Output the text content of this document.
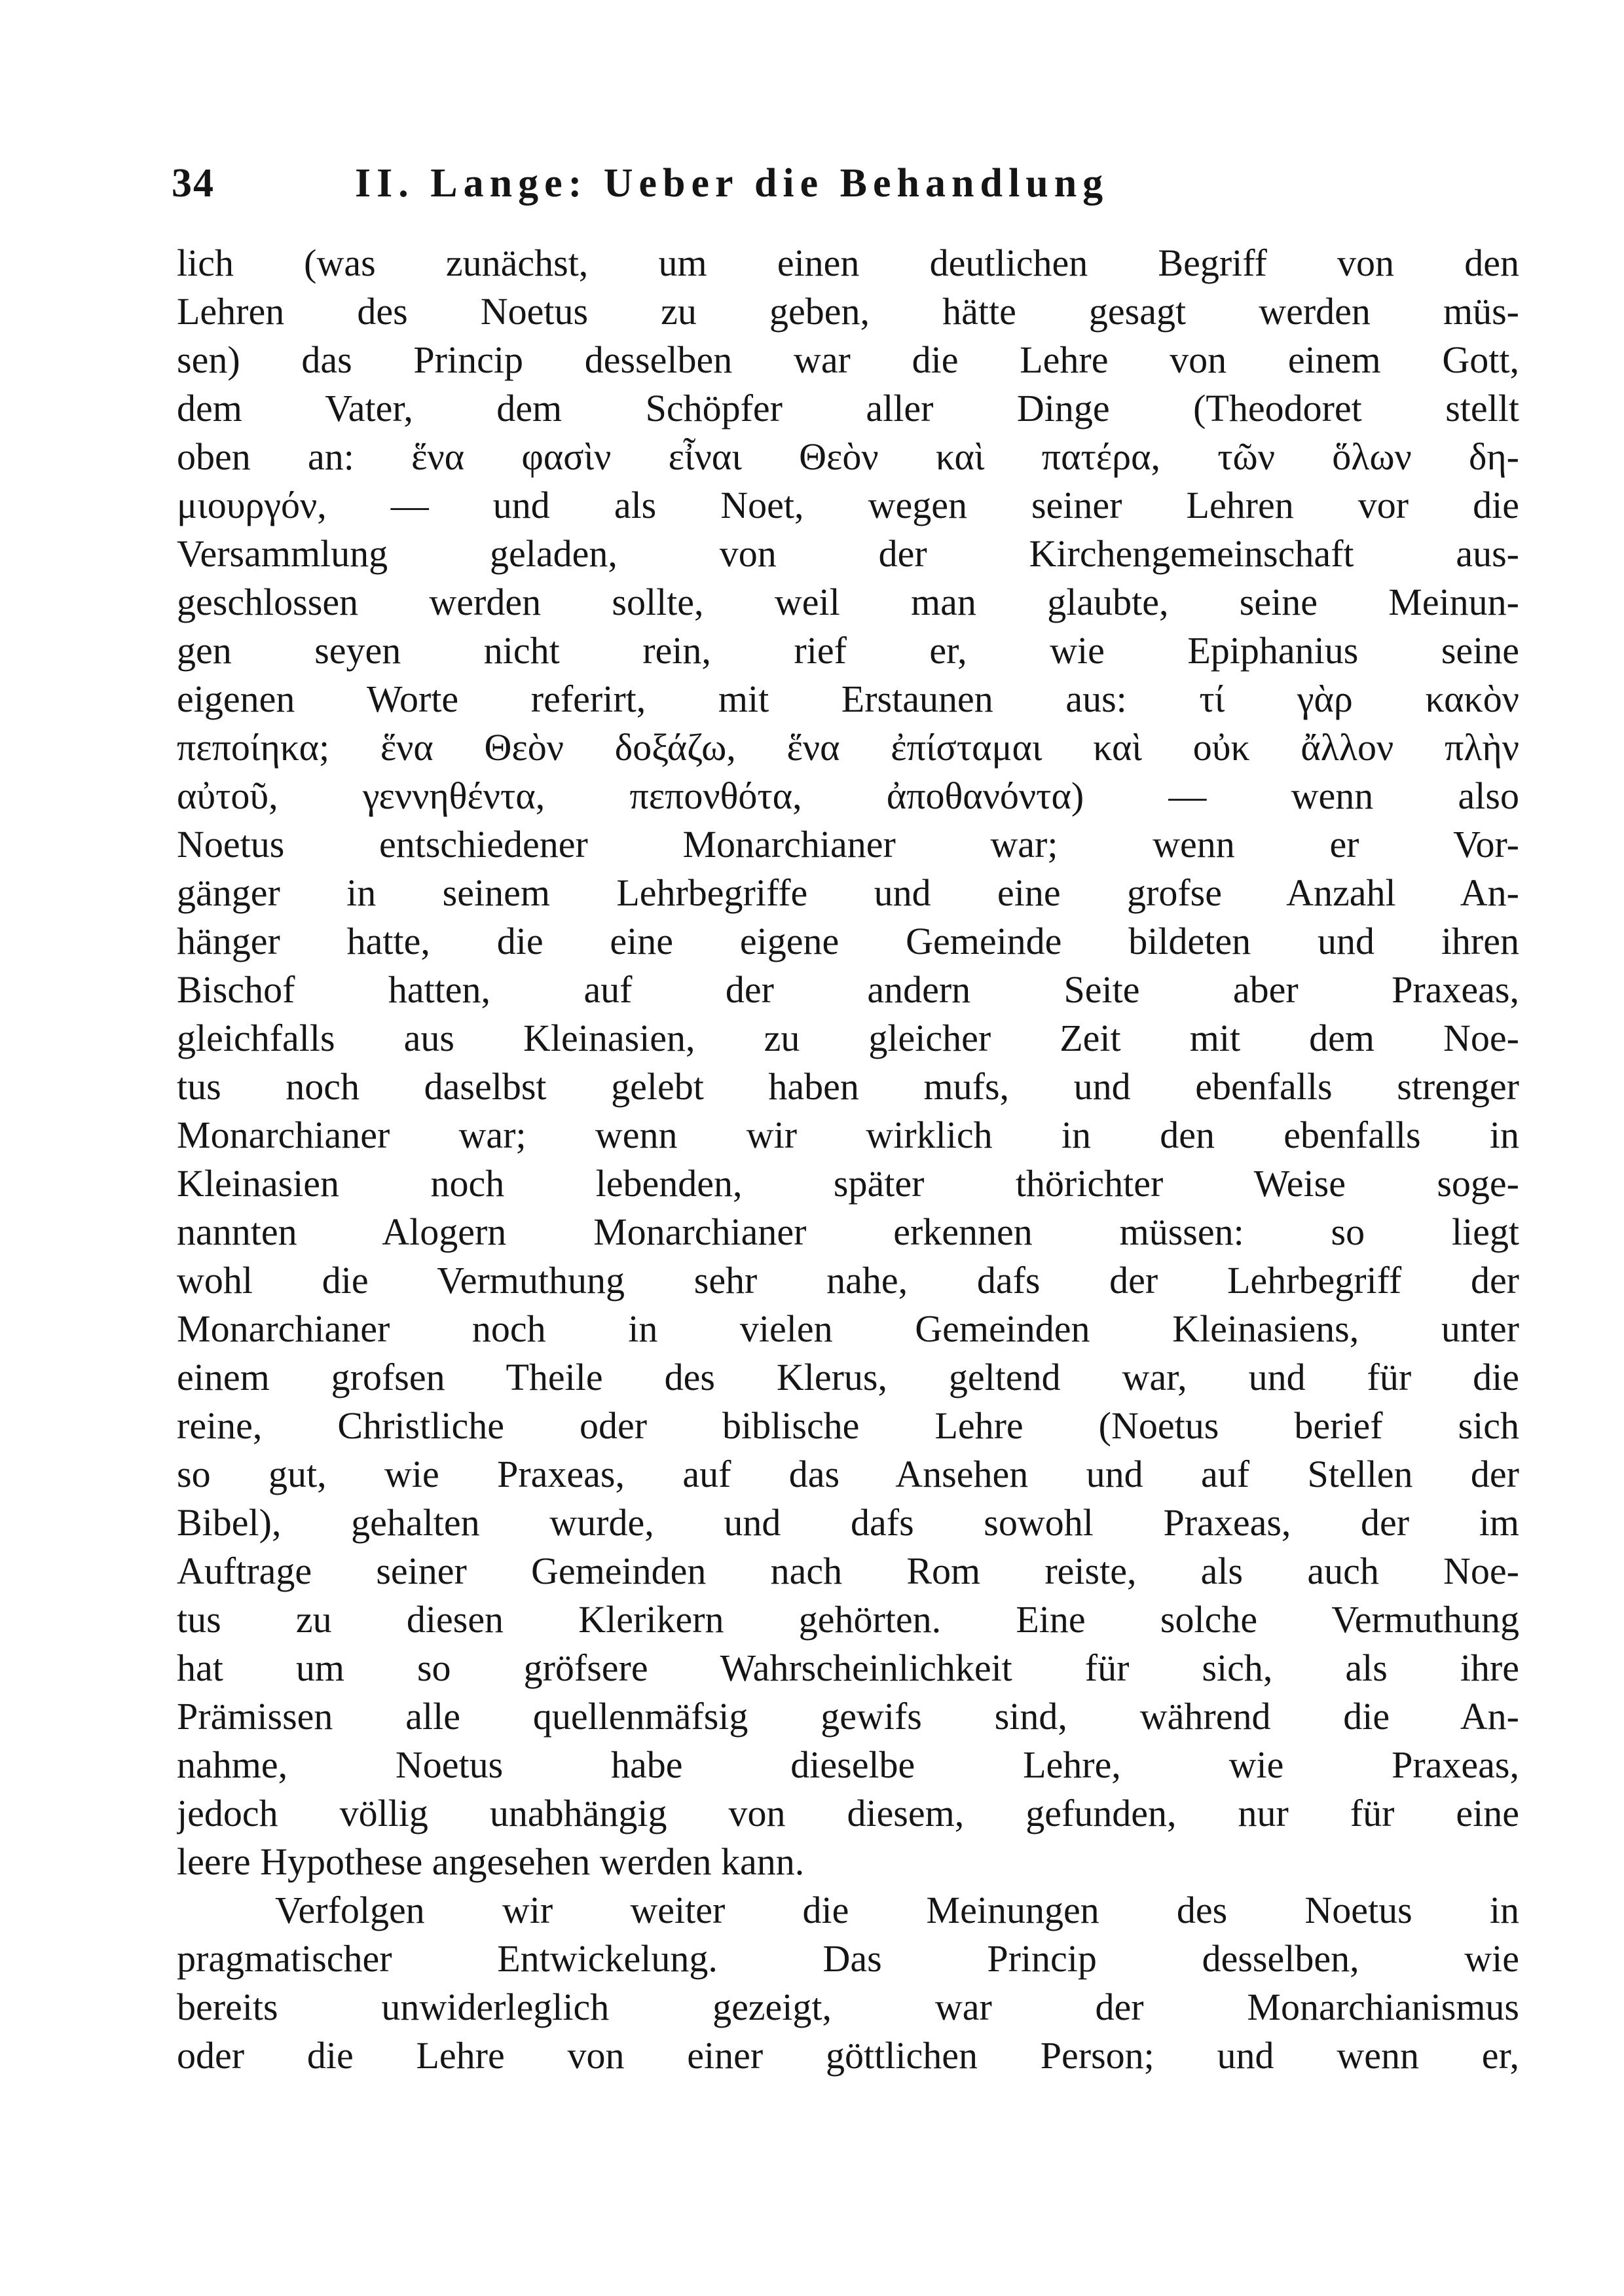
34	II. Lange: Ueber die Behandlung
lich (was zunächst, um einen deutlichen Begriff von den
Lehren des Noetus zu geben, hätte gesagt werden müs-
sen) das Princip desselben war die Lehre von einem Gott,
dem Vater, dem Schöpfer aller Dinge (Theodoret stellt
oben an: ἕνα φασὶν εἶναι Θεὸν καὶ πατέρα, τῶν ὅλων δη-
μιουργόν, — und als Noet, wegen seiner Lehren vor die
Versammlung geladen, von der Kirchengemeinschaft aus-
geschlossen werden sollte, weil man glaubte, seine Meinun-
gen seyen nicht rein, rief er, wie Epiphanius seine
eigenen Worte referirt, mit Erstaunen aus: τί γὰρ κακὸν
πεποίηκα; ἕνα Θεὸν δοξάζω, ἕνα ἐπίσταμαι καὶ οὐκ ἄλλον πλὴν
αὐτοῦ, γεννηθέντα, πεπονθότα, ἀποθανόντα) — wenn also
Noetus entschiedener Monarchianer war; wenn er Vor-
gänger in seinem Lehrbegriffe und eine grofse Anzahl An-
hänger hatte, die eine eigene Gemeinde bildeten und ihren
Bischof hatten, auf der andern Seite aber Praxeas,
gleichfalls aus Kleinasien, zu gleicher Zeit mit dem Noe-
tus noch daselbst gelebt haben mufs, und ebenfalls strenger
Monarchianer war; wenn wir wirklich in den ebenfalls in
Kleinasien noch lebenden, später thörichter Weise soge-
nannten Alogern Monarchianer erkennen müssen: so liegt
wohl die Vermuthung sehr nahe, dafs der Lehrbegriff der
Monarchianer noch in vielen Gemeinden Kleinasiens, unter
einem grofsen Theile des Klerus, geltend war, und für die
reine, Christliche oder biblische Lehre (Noetus berief sich
so gut, wie Praxeas, auf das Ansehen und auf Stellen der
Bibel), gehalten wurde, und dafs sowohl Praxeas, der im
Auftrage seiner Gemeinden nach Rom reiste, als auch Noe-
tus zu diesen Klerikern gehörten. Eine solche Vermuthung
hat um so gröfsere Wahrscheinlichkeit für sich, als ihre
Prämissen alle quellenmäfsig gewifs sind, während die An-
nahme, Noetus habe dieselbe Lehre, wie Praxeas,
jedoch völlig unabhängig von diesem, gefunden, nur für eine
leere Hypothese angesehen werden kann.
Verfolgen wir weiter die Meinungen des Noetus in
pragmatischer Entwickelung. Das Princip desselben, wie
bereits unwiderleglich gezeigt, war der Monarchianismus
oder die Lehre von einer göttlichen Person; und wenn er,
